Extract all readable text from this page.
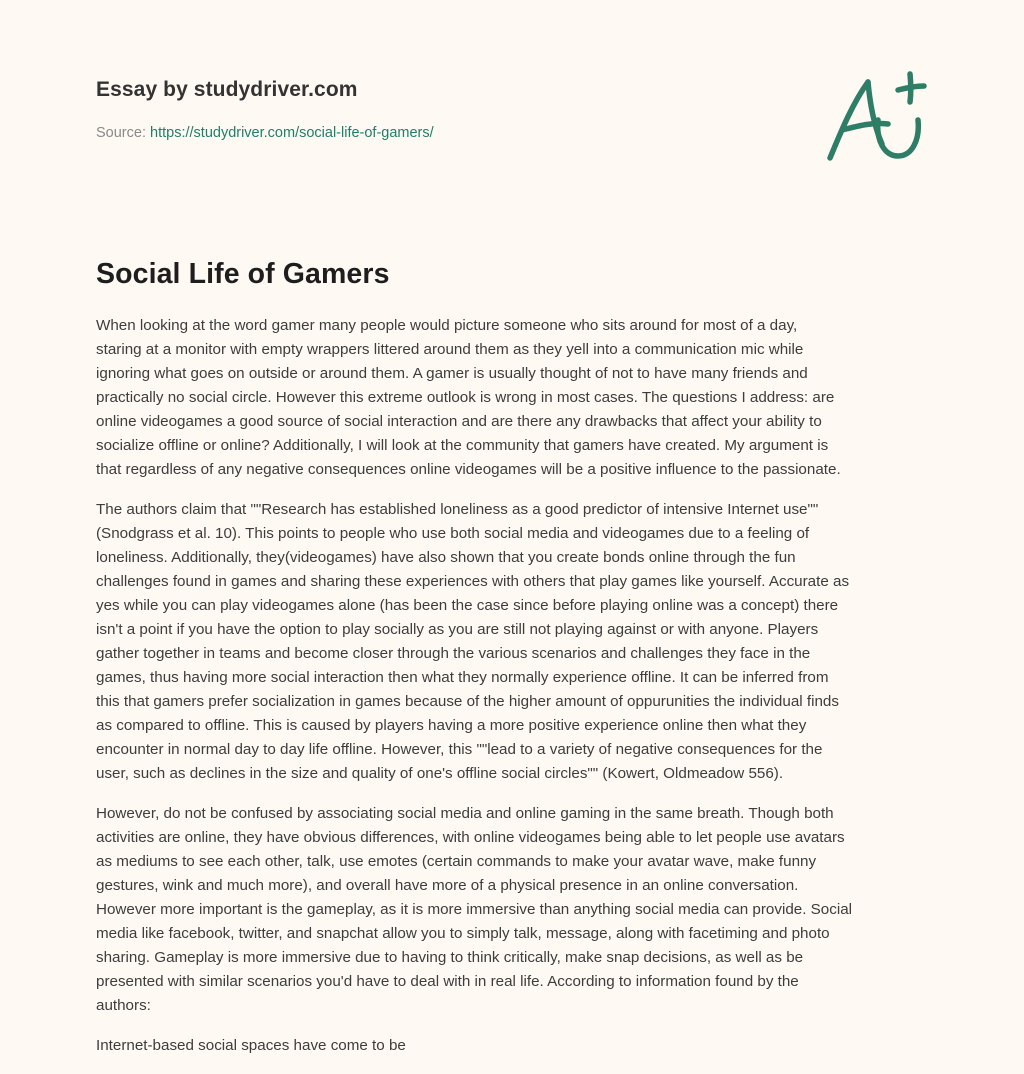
Essay by studydriver.com

Source: https://studydriver.com/social-life-of-gamers/

Social Life of Gamers

When looking at the word gamer many people would picture someone who sits around for most of a day,
staring at a monitor with empty wrappers littered around them as they yell into a communication mic while
ignoring what goes on outside or around them. A gamer is usually thought of not to have many friends and
practically no social circle. However this extreme outlook is wrong in most cases. The questions I address: are
online videogames a good source of social interaction and are there any drawbacks that affect your ability to
socialize offline or online? Additionally, I will look at the community that gamers have created. My argument is
that regardless of any negative consequences online videogames will be a positive influence to the passionate.

The authors claim that ""Research has established loneliness as a good predictor of intensive Internet use""
(Snodgrass et al. 10). This points to people who use both social media and videogames due to a feeling of
loneliness. Additionally, they(videogames) have also shown that you create bonds online through the fun
challenges found in games and sharing these experiences with others that play games like yourself. Accurate as
yes while you can play videogames alone (has been the case since before playing online was a concept) there
isn't a point if you have the option to play socially as you are still not playing against or with anyone. Players
gather together in teams and become closer through the various scenarios and challenges they face in the
games, thus having more social interaction then what they normally experience offline. It can be inferred from
this that gamers prefer socialization in games because of the higher amount of oppurunities the individual finds
as compared to offline. This is caused by players having a more positive experience online then what they
encounter in normal day to day life offline. However, this ""lead to a variety of negative consequences for the
user, such as declines in the size and quality of one's offline social circles"" (Kowert, Oldmeadow 556).

However, do not be confused by associating social media and online gaming in the same breath. Though both
activities are online, they have obvious differences, with online videogames being able to let people use avatars
as mediums to see each other, talk, use emotes (certain commands to make your avatar wave, make funny
gestures, wink and much more), and overall have more of a physical presence in an online conversation.
However more important is the gameplay, as it is more immersive than anything social media can provide. Social
media like facebook, twitter, and snapchat allow you to simply talk, message, along with facetiming and photo
sharing. Gameplay is more immersive due to having to think critically, make snap decisions, as well as be
presented with similar scenarios you'd have to deal with in real life. According to information found by the
authors:

Internet-based social spaces have come to be
